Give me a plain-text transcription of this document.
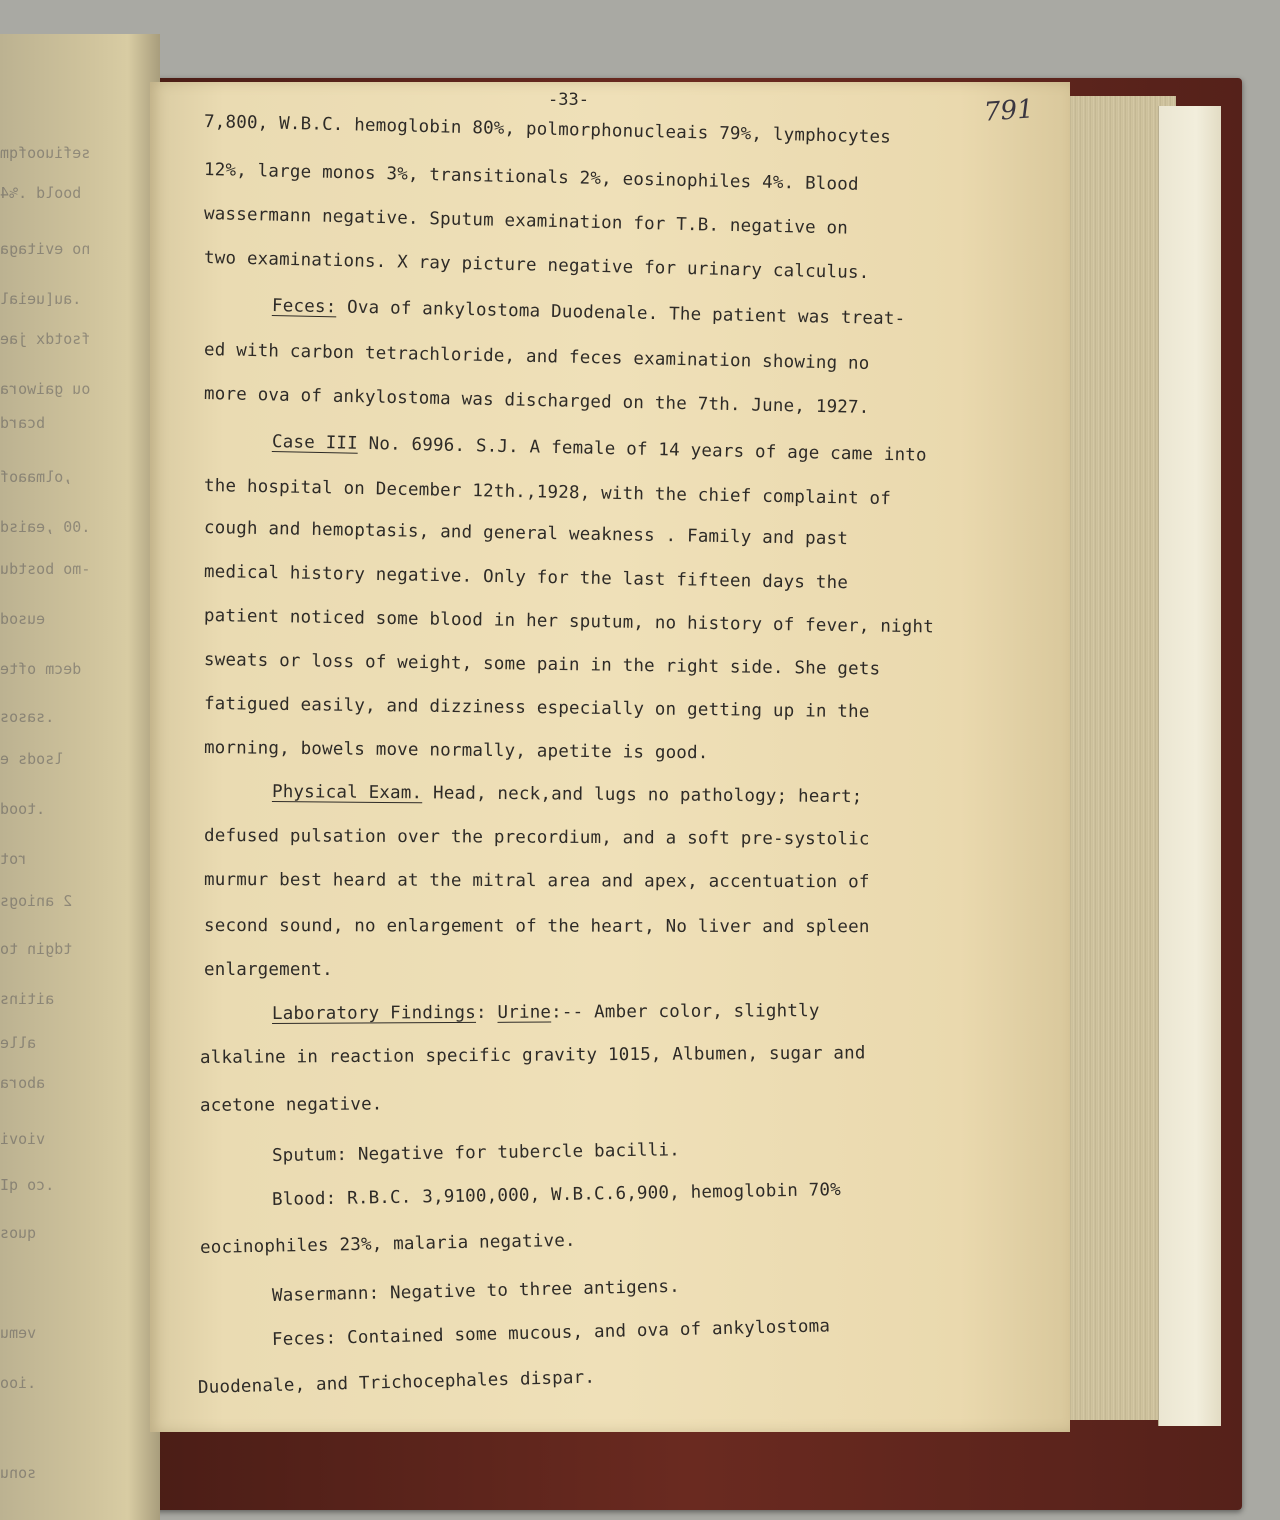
sefiuoofqm
boold .%4
no evitaga
.au[ueial
fsotdx jae
ou gaiwora
bcard
,olmaaof
.00 ,eaisd
-mo bostdu
eusod
decm ofte
.sasos
lsods e
.tood
rot
2 aniogs
tdgin to
aitins
alle
abora
viovi
.co qI
quos
vemu
.ioo
sonu
-33-	791
7,800, W.B.C. hemoglobin 80%, polmorphonucleais 79%, lymphocytes
12%, large monos 3%, transitionals 2%, eosinophiles 4%. Blood
wassermann negative. Sputum examination for T.B. negative on
two examinations. X ray picture negative for urinary calculus.
Feces: Ova of ankylostoma Duodenale. The patient was treat-
ed with carbon tetrachloride, and feces examination showing no
more ova of ankylostoma was discharged on the 7th. June, 1927.
Case III No. 6996. S.J. A female of 14 years of age came into
the hospital on December 12th.,1928, with the chief complaint of
cough and hemoptasis, and general weakness . Family and past
medical history negative. Only for the last fifteen days the
patient noticed some blood in her sputum, no history of fever, night
sweats or loss of weight, some pain in the right side. She gets
fatigued easily, and dizziness especially on getting up in the
morning, bowels move normally, apetite is good.
Physical Exam. Head, neck,and lugs no pathology; heart;
defused pulsation over the precordium, and a soft pre-systolic
murmur best heard at the mitral area and apex, accentuation of
second sound, no enlargement of the heart, No liver and spleen
enlargement.
Laboratory Findings: Urine:-- Amber color, slightly
alkaline in reaction specific gravity 1015, Albumen, sugar and
acetone negative.
Sputum: Negative for tubercle bacilli.
Blood: R.B.C. 3,9100,000, W.B.C.6,900, hemoglobin 70%
eocinophiles 23%, malaria negative.
Wasermann: Negative to three antigens.
Feces: Contained some mucous, and ova of ankylostoma
Duodenale, and Trichocephales dispar.
